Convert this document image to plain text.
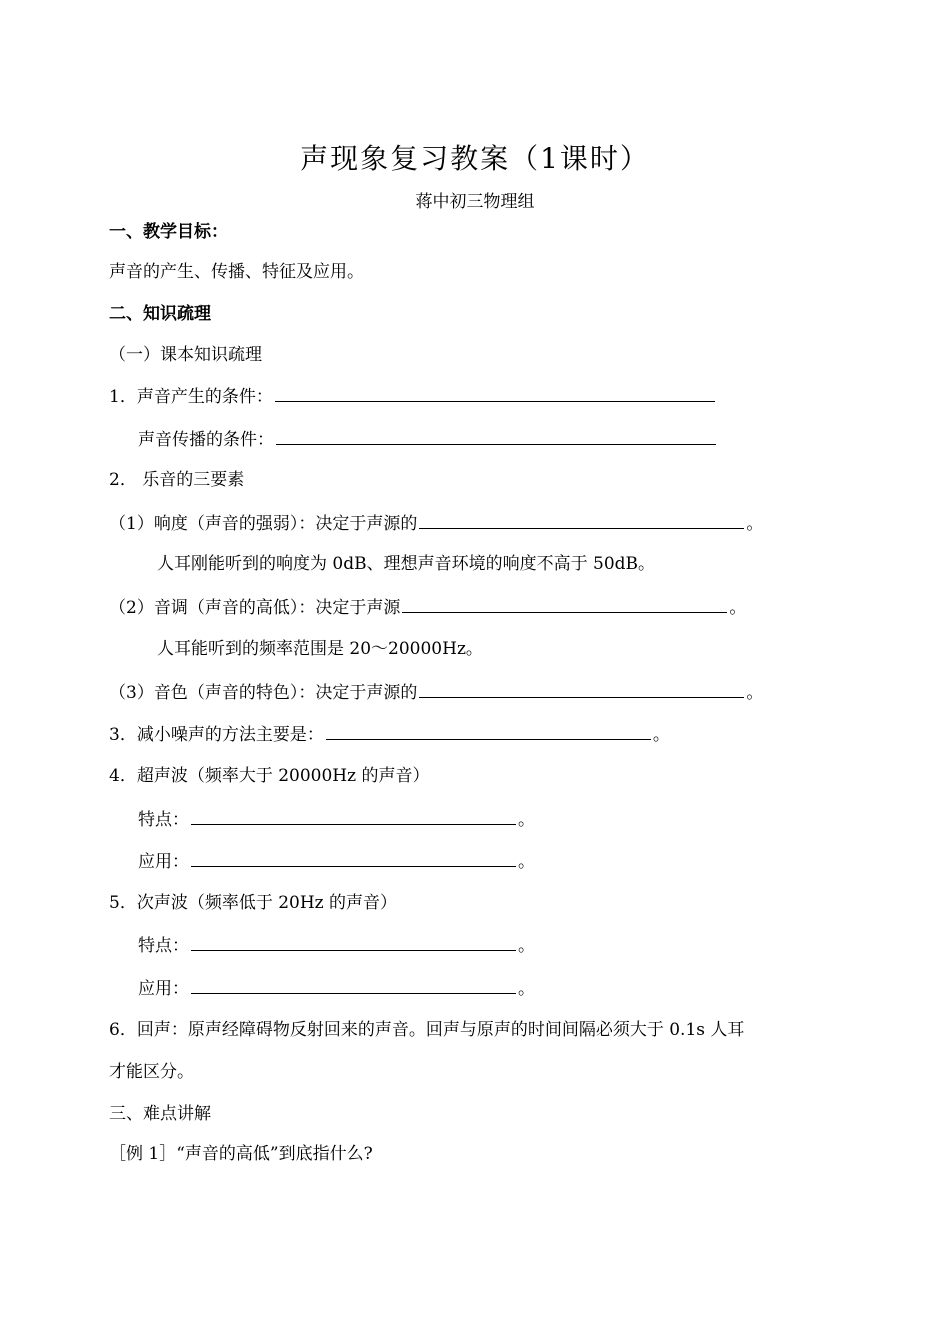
声现象复习教案（1课时）
蒋中初三物理组
一、教学目标：
声音的产生、传播、特征及应用。
二、知识疏理
（一）课本知识疏理
1．声音产生的条件：
声音传播的条件：
2． 乐音的三要素
（1）响度（声音的强弱）：决定于声源的	。
人耳刚能听到的响度为 0dB、理想声音环境的响度不高于 50dB。
（2）音调（声音的高低）：决定于声源	。
人耳能听到的频率范围是 20～20000Hz。
（3）音色（声音的特色）：决定于声源的	。
3．减小噪声的方法主要是：	。
4．超声波（频率大于 20000Hz 的声音）
特点：	。
应用：	。
5．次声波（频率低于 20Hz 的声音）
特点：	。
应用：	。
6．回声：原声经障碍物反射回来的声音。回声与原声的时间间隔必须大于 0.1s 人耳
才能区分。
三、难点讲解
［例 1］“声音的高低”到底指什么?
